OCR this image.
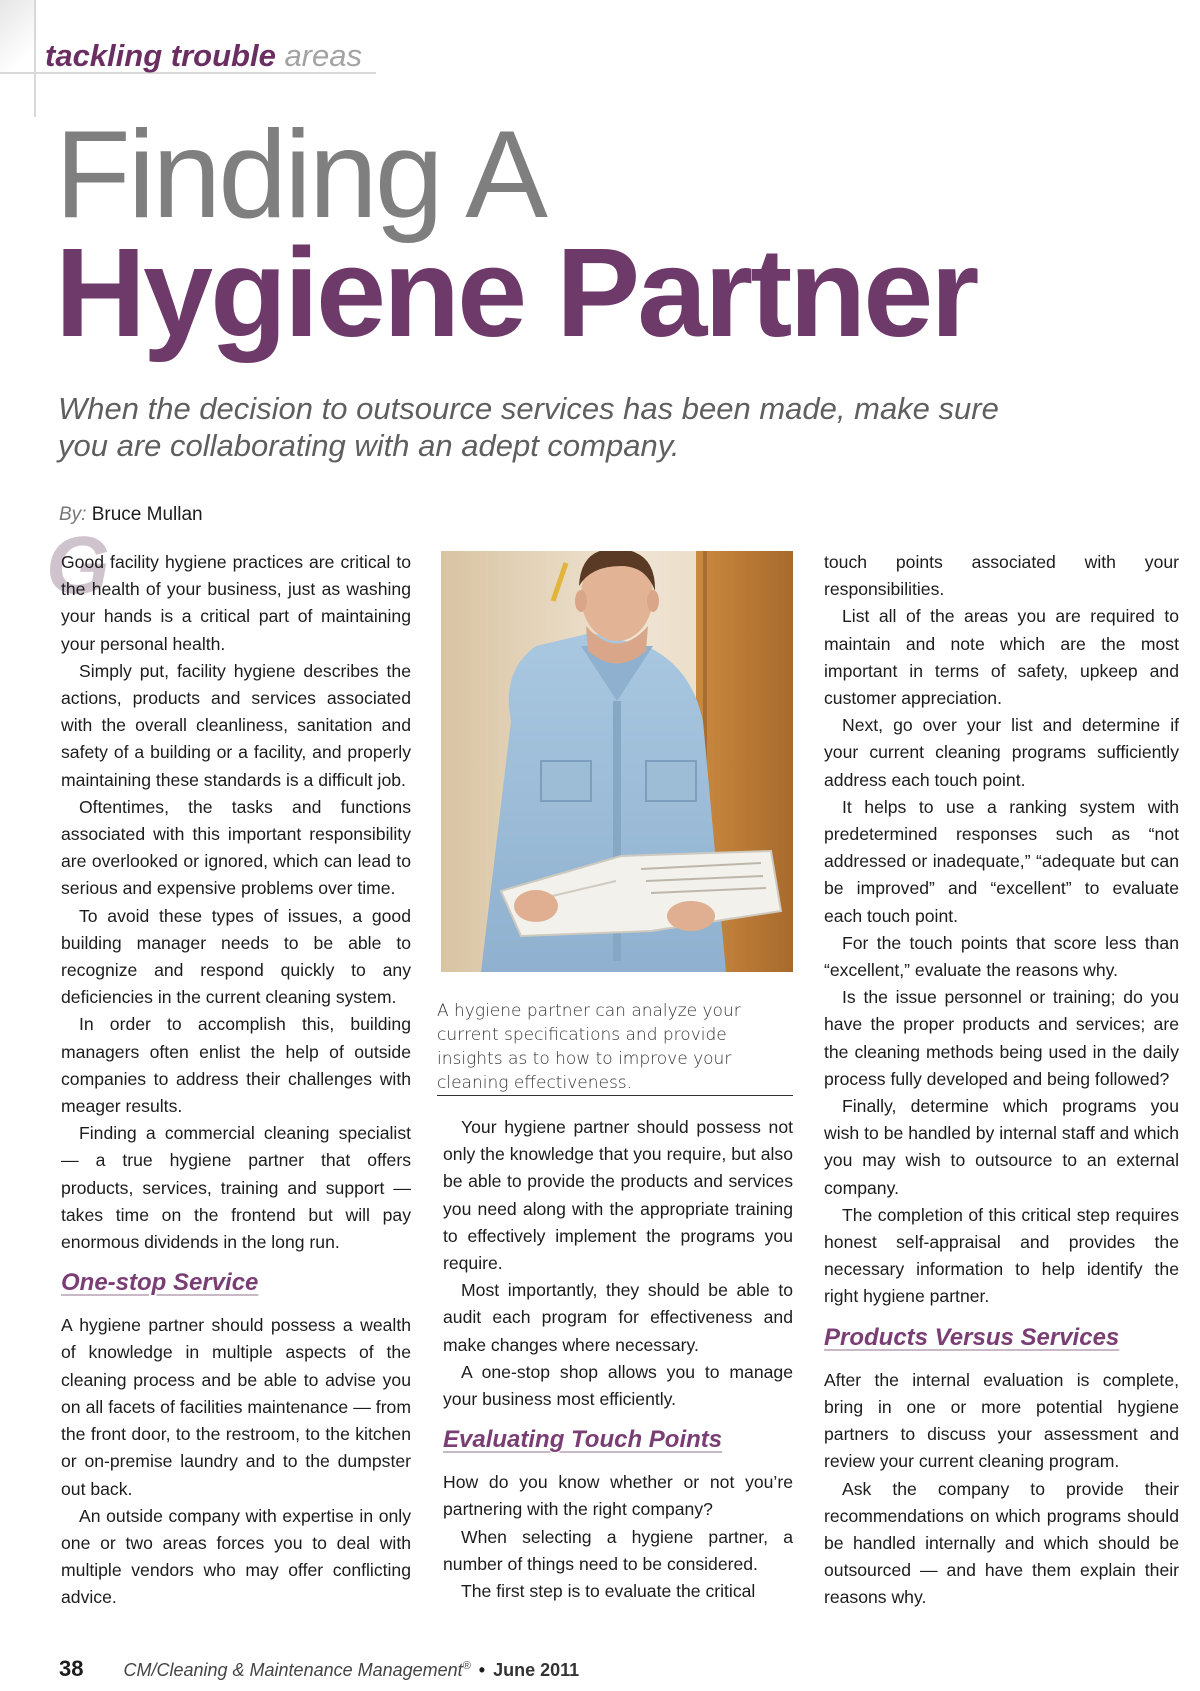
tackling trouble areas
Finding A
Hygiene Partner
When the decision to outsource services has been made, make sure you are collaborating with an adept company.
By: Bruce Mullan
G

Good facility hygiene practices are critical to the health of your business, just as washing your hands is a critical part of maintaining your personal health.

Simply put, facility hygiene describes the actions, products and services associated with the overall cleanliness, sanitation and safety of a building or a facility, and properly maintaining these standards is a difficult job.

Oftentimes, the tasks and functions associated with this important responsibility are overlooked or ignored, which can lead to serious and expensive problems over time.

To avoid these types of issues, a good building manager needs to be able to recognize and respond quickly to any deficiencies in the current cleaning system.

In order to accomplish this, building managers often enlist the help of outside companies to address their challenges with meager results.

Finding a commercial cleaning specialist — a true hygiene partner that offers products, services, training and support — takes time on the frontend but will pay enormous dividends in the long run.

One-stop Service

A hygiene partner should possess a wealth of knowledge in multiple aspects of the cleaning process and be able to advise you on all facets of facilities maintenance — from the front door, to the restroom, to the kitchen or on-premise laundry and to the dumpster out back.

An outside company with expertise in only one or two areas forces you to deal with multiple vendors who may offer conflicting advice.

A hygiene partner can analyze your current specifications and provide insights as to how to improve your cleaning effectiveness.

Your hygiene partner should possess not only the knowledge that you require, but also be able to provide the products and services you need along with the appropriate training to effectively implement the programs you require.

Most importantly, they should be able to audit each program for effectiveness and make changes where necessary.

A one-stop shop allows you to manage your business most efficiently.

Evaluating Touch Points

How do you know whether or not you’re partnering with the right company?

When selecting a hygiene partner, a number of things need to be considered.

The first step is to evaluate the critical

touch points associated with your responsibilities.

List all of the areas you are required to maintain and note which are the most important in terms of safety, upkeep and customer appreciation.

Next, go over your list and determine if your current cleaning programs sufficiently address each touch point.

It helps to use a ranking system with predetermined responses such as “not addressed or inadequate,” “adequate but can be improved” and “excellent” to evaluate each touch point.

For the touch points that score less than “excellent,” evaluate the reasons why.

Is the issue personnel or training; do you have the proper products and services; are the cleaning methods being used in the daily process fully developed and being followed?

Finally, determine which programs you wish to be handled by internal staff and which you may wish to outsource to an external company.

The completion of this critical step requires honest self-appraisal and provides the necessary information to help identify the right hygiene partner.

Products Versus Services

After the internal evaluation is complete, bring in one or more potential hygiene partners to discuss your assessment and review your current cleaning program.

Ask the company to provide their recommendations on which programs should be handled internally and which should be outsourced — and have them explain their reasons why.

38 CM/Cleaning & Maintenance Management® • June 2011
